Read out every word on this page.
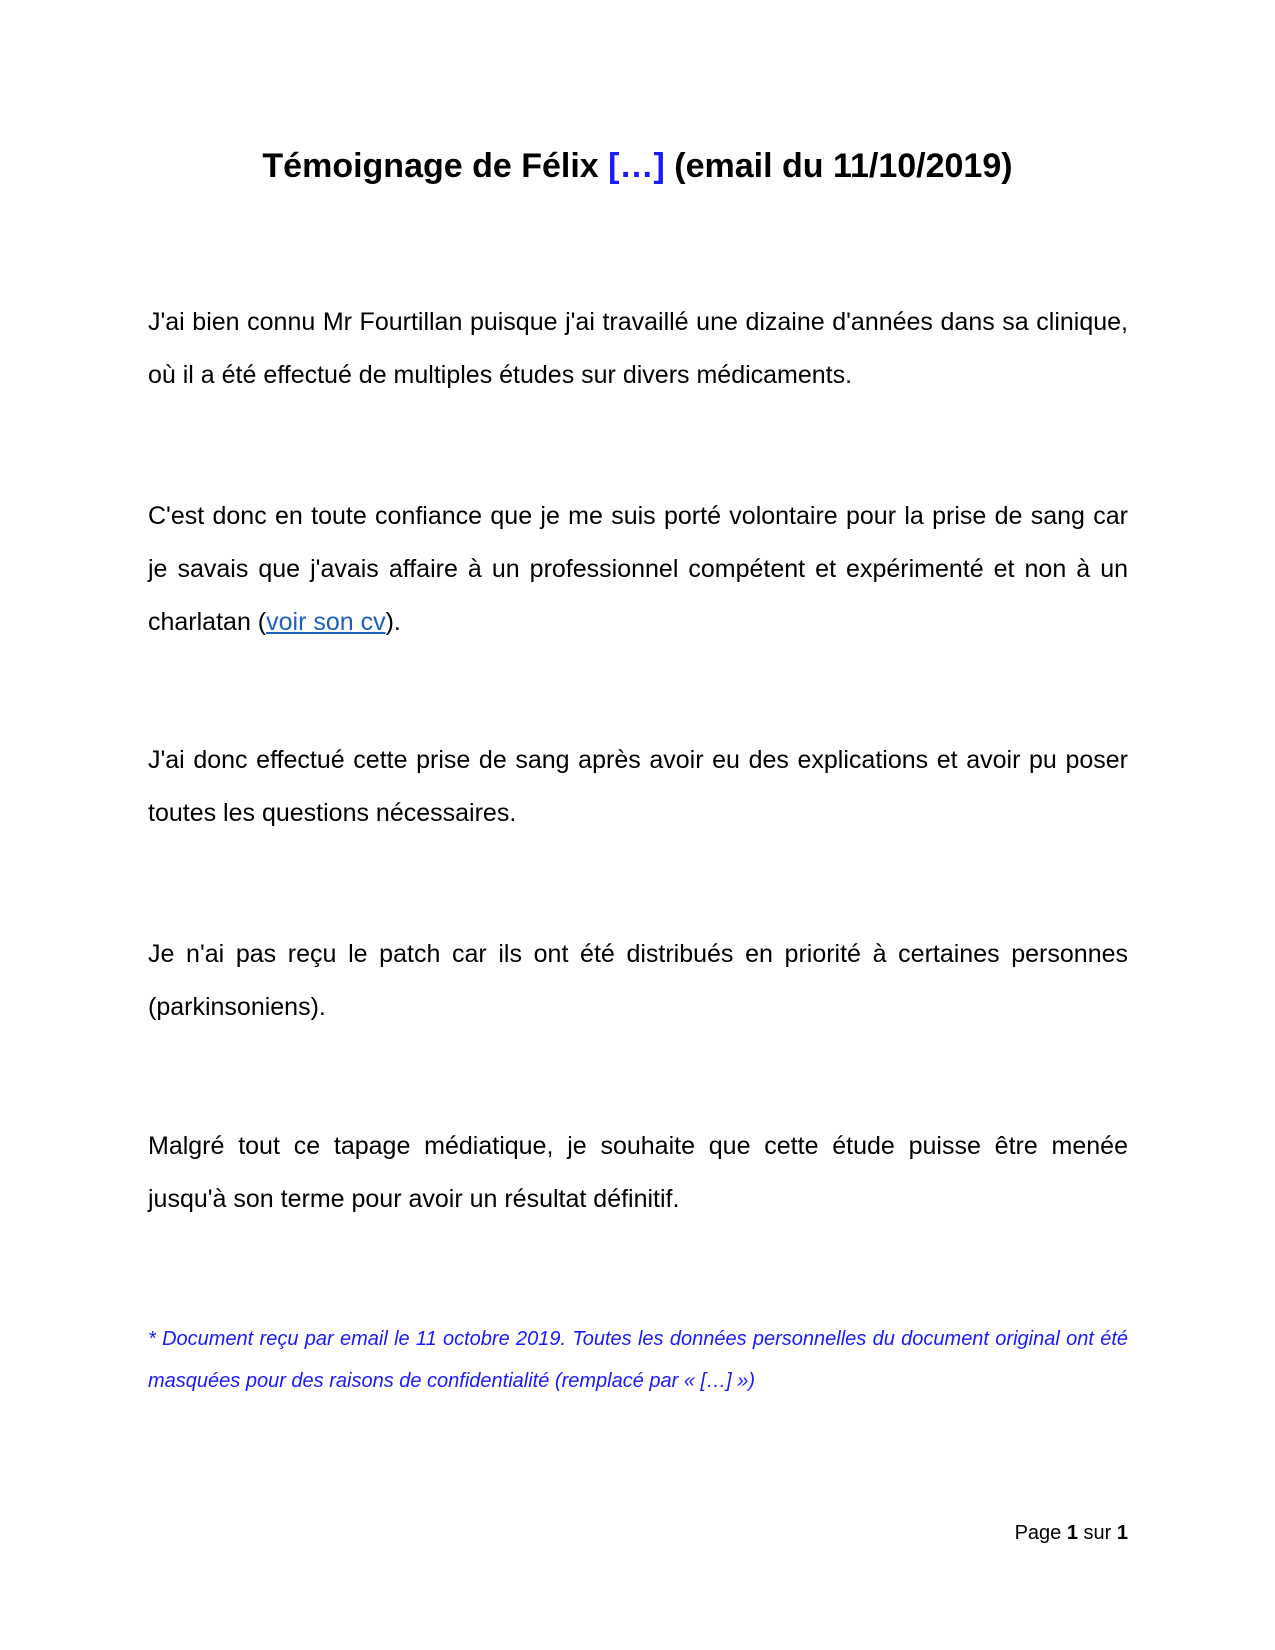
Témoignage de Félix […] (email du 11/10/2019)

J'ai bien connu Mr Fourtillan puisque j'ai travaillé une dizaine d'années dans sa clinique, où il a été effectué de multiples études sur divers médicaments.

C'est donc en toute confiance que je me suis porté volontaire pour la prise de sang car je savais que j'avais affaire à un professionnel compétent et expérimenté et non à un charlatan (voir son cv).

J'ai donc effectué cette prise de sang après avoir eu des explications et avoir pu poser toutes les questions nécessaires.

Je n'ai pas reçu le patch car ils ont été distribués en priorité à certaines personnes (parkinsoniens).

Malgré tout ce tapage médiatique, je souhaite que cette étude puisse être menée jusqu'à son terme pour avoir un résultat définitif.

* Document reçu par email le 11 octobre 2019. Toutes les données personnelles du document original ont été masquées pour des raisons de confidentialité (remplacé par « […] »)
Page 1 sur 1
